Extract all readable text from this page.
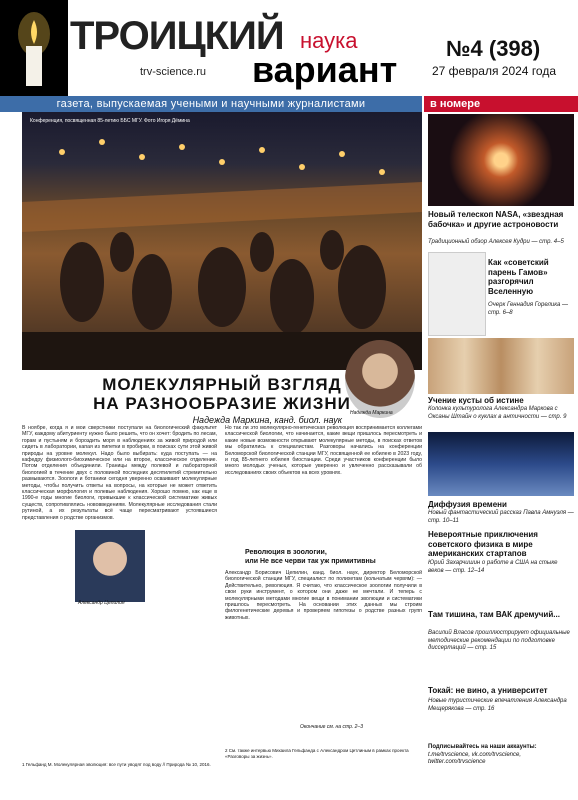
ТРОИЦКИЙ
trv-science.ru
наука
вариант
№4 (398)
27 февраля 2024 года
газета, выпускаемая учеными и научными журналистами	в номере
Конференция, посвященная 85-летию ББС МГУ. Фото Игоря Дёмина
МОЛЕКУЛЯРНЫЙ ВЗГЛЯД
НА РАЗНООБРАЗИЕ ЖИЗНИ Надежда Маркина
Надежда Маркина, канд. биол. наук
В ноябре, когда я и мои сверстники поступали на биологический факультет МГУ, каждому абитуриенту нужно было решить, что он хочет: бродить по лесам, горам и пустыням и бороздить моря в наблюдениях за живой природой или сидеть в лаборатории, капая из пипетки в пробирки, в поисках сути этой живой природы на уровне молекул. Надо было выбирать: куда поступать — на кафедру физиолого-биохимическое или на второе, классическое отделение. Потом отделения объединили. Границы между полевой и лабораторной биологией в течение двух с половиной последних десятилетий стремительно размываются. Зоологи и ботаники сегодня уверенно осваивают молекулярные методы, чтобы получить ответы на вопросы, на которые не может ответить классическая морфология и полевые наблюдения. Хорошо помню, как еще в 1990-е годы многие биологи, привыкшие к классической систематике живых существ, сопротивлялись нововведениям. Молекулярные исследования стали рутиной, а их результаты всё чаще пересматривают устоявшиеся представления о родстве организмов.
Александр Цепилин
Но так ли это молекулярно-генетическая революция воспринимается коллегами классической биологии, что начинается, какие вещи пришлось пересмотреть и какие новые возможности открывают молекулярные методы, в поисках ответов мы обратились к специалистам. Разговоры начались на конференции Беломорской биологической станции МГУ, посвященной ее юбилею в 2023 году, и год 85-летнего юбилея биостанции. Среди участников конференции было много молодых ученых, которые уверенно и увлеченно рассказывали об исследованиях своих объектов на всех уровнях.
Революция в зоологии,
или Не все черви так уж примитивны
Александр Борисович Цепилин, канд. биол. наук, директор Беломорской биологической станции МГУ, специалист по полихетам (кольчатым червям): — Действительно, революция. Я считаю, что классическое зоологии получили в свои руки инструмент, о котором они даже не мечтали. И теперь с молекулярными методами многие вещи в понимании эволюции и систематики пришлось пересмотреть. На основании этих данных мы строим филогенетические деревья и проверяем гипотезы о родстве разных групп животных.
Окончание см. на стр. 2–3
1 Гельфанд М. Молекулярная эволюция: все пути уводят под воду // Природа № 10, 2016.
2 См. также интервью Михаила Гельфанда с Александром Цетлиным в рамках проекта «Разговоры за жизнь».
Новый телескоп NASA, «звездная бабочка» и другие астроновости
Традиционный обзор Алексея Кудри — стр. 4–5
Как «советский парень Гамов» разгорячил Вселенную
Очерк Геннадия Горелика — стр. 6–8
Учение кусты об истине
Колонка культуролога Александра Маркова с Оксаны Штайн о куклах в античности — стр. 9
Диффузия времени
Новый фантастический рассказ Павла Амнуэля — стр. 10–11
Невероятные приключения советского физика в мире американских стартапов
Юрий Захарчишин о работе в США на стыке веков — стр. 12–14
Там тишина, там ВАК дремучий...
Василий Власов проиллюстрирует официальные методические рекомендации по подготовке диссертаций — стр. 15
Токай: не вино, а университет
Новые туристические впечатления Александра Мещерякова — стр. 16
Подписывайтесь на наши аккаунты:
t.me/trvscience, vk.com/trvscience, twitter.com/trvscience
